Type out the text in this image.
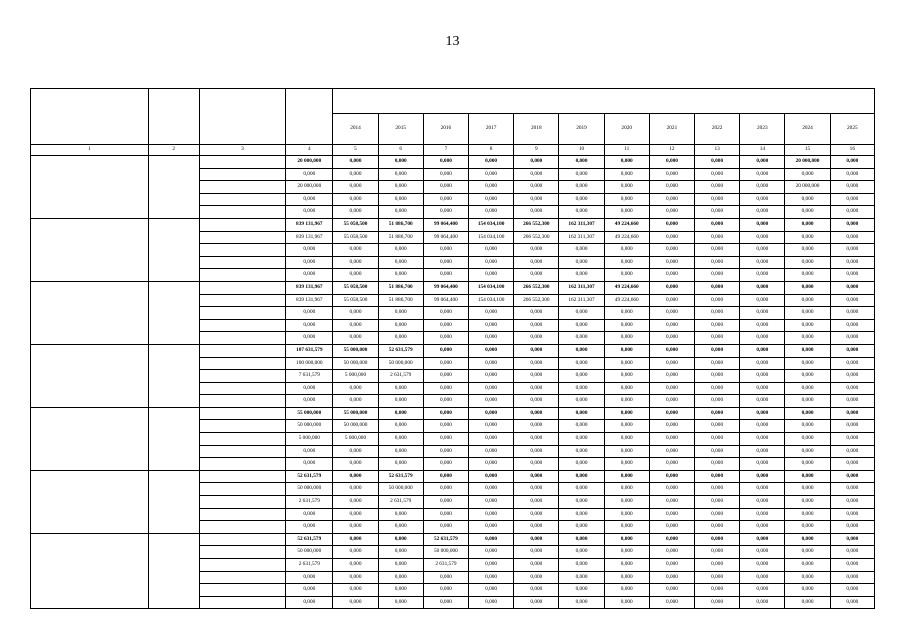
13

				2014	2015	2016	2017	2018	2019	2020	2021	2022	2023	2024	2025
1	2	3	4	5	6	7	8	9	10	11	12	13	14	15	16
			20 000,000	0,000	0,000	0,000	0,000	0,000	0,000	0,000	0,000	0,000	0,000	20 000,000	0,000
			0,000	0,000	0,000	0,000	0,000	0,000	0,000	0,000	0,000	0,000	0,000	0,000	0,000
			20 000,000	0,000	0,000	0,000	0,000	0,000	0,000	0,000	0,000	0,000	0,000	20 000,000	0,000
			0,000	0,000	0,000	0,000	0,000	0,000	0,000	0,000	0,000	0,000	0,000	0,000	0,000
			0,000	0,000	0,000	0,000	0,000	0,000	0,000	0,000	0,000	0,000	0,000	0,000	0,000
			839 131,967	55 058,500	51 886,700	99 064,400	154 034,100	266 552,300	162 311,307	49 224,660	0,000	0,000	0,000	0,000	0,000
			839 131,967	55 058,500	51 886,700	99 064,400	154 034,100	266 552,300	162 311,307	49 224,660	0,000	0,000	0,000	0,000	0,000
			0,000	0,000	0,000	0,000	0,000	0,000	0,000	0,000	0,000	0,000	0,000	0,000	0,000
			0,000	0,000	0,000	0,000	0,000	0,000	0,000	0,000	0,000	0,000	0,000	0,000	0,000
			0,000	0,000	0,000	0,000	0,000	0,000	0,000	0,000	0,000	0,000	0,000	0,000	0,000
			839 131,967	55 058,500	51 886,700	99 064,400	154 034,100	266 552,300	162 311,307	49 224,660	0,000	0,000	0,000	0,000	0,000
			839 131,967	55 058,500	51 886,700	99 064,400	154 034,100	266 552,300	162 311,307	49 224,660	0,000	0,000	0,000	0,000	0,000
			0,000	0,000	0,000	0,000	0,000	0,000	0,000	0,000	0,000	0,000	0,000	0,000	0,000
			0,000	0,000	0,000	0,000	0,000	0,000	0,000	0,000	0,000	0,000	0,000	0,000	0,000
			0,000	0,000	0,000	0,000	0,000	0,000	0,000	0,000	0,000	0,000	0,000	0,000	0,000
			107 631,579	55 000,000	52 631,579	0,000	0,000	0,000	0,000	0,000	0,000	0,000	0,000	0,000	0,000
			100 000,000	50 000,000	50 000,000	0,000	0,000	0,000	0,000	0,000	0,000	0,000	0,000	0,000	0,000
			7 631,579	5 000,000	2 631,579	0,000	0,000	0,000	0,000	0,000	0,000	0,000	0,000	0,000	0,000
			0,000	0,000	0,000	0,000	0,000	0,000	0,000	0,000	0,000	0,000	0,000	0,000	0,000
			0,000	0,000	0,000	0,000	0,000	0,000	0,000	0,000	0,000	0,000	0,000	0,000	0,000
			55 000,000	55 000,000	0,000	0,000	0,000	0,000	0,000	0,000	0,000	0,000	0,000	0,000	0,000
			50 000,000	50 000,000	0,000	0,000	0,000	0,000	0,000	0,000	0,000	0,000	0,000	0,000	0,000
			5 000,000	5 000,000	0,000	0,000	0,000	0,000	0,000	0,000	0,000	0,000	0,000	0,000	0,000
			0,000	0,000	0,000	0,000	0,000	0,000	0,000	0,000	0,000	0,000	0,000	0,000	0,000
			0,000	0,000	0,000	0,000	0,000	0,000	0,000	0,000	0,000	0,000	0,000	0,000	0,000
			52 631,579	0,000	52 631,579	0,000	0,000	0,000	0,000	0,000	0,000	0,000	0,000	0,000	0,000
			50 000,000	0,000	50 000,000	0,000	0,000	0,000	0,000	0,000	0,000	0,000	0,000	0,000	0,000
			2 631,579	0,000	2 631,579	0,000	0,000	0,000	0,000	0,000	0,000	0,000	0,000	0,000	0,000
			0,000	0,000	0,000	0,000	0,000	0,000	0,000	0,000	0,000	0,000	0,000	0,000	0,000
			0,000	0,000	0,000	0,000	0,000	0,000	0,000	0,000	0,000	0,000	0,000	0,000	0,000
			52 631,579	0,000	0,000	52 631,579	0,000	0,000	0,000	0,000	0,000	0,000	0,000	0,000	0,000
			50 000,000	0,000	0,000	50 000,000	0,000	0,000	0,000	0,000	0,000	0,000	0,000	0,000	0,000
			2 631,579	0,000	0,000	2 631,579	0,000	0,000	0,000	0,000	0,000	0,000	0,000	0,000	0,000
			0,000	0,000	0,000	0,000	0,000	0,000	0,000	0,000	0,000	0,000	0,000	0,000	0,000
			0,000	0,000	0,000	0,000	0,000	0,000	0,000	0,000	0,000	0,000	0,000	0,000	0,000
			0,000	0,000	0,000	0,000	0,000	0,000	0,000	0,000	0,000	0,000	0,000	0,000	0,000
